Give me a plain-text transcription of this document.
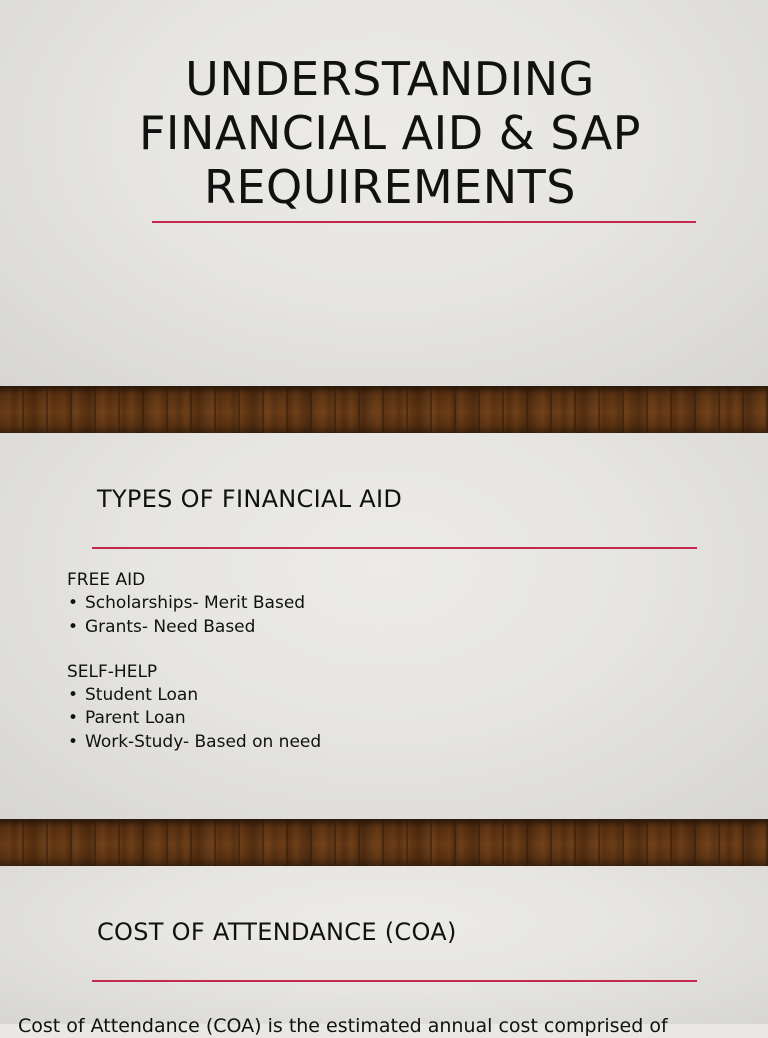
UNDERSTANDING
FINANCIAL AID & SAP
REQUIREMENTS
TYPES OF FINANCIAL AID
FREE AID
• Scholarships- Merit Based
• Grants- Need Based
SELF-HELP
• Student Loan
• Parent Loan
• Work-Study- Based on need
COST OF ATTENDANCE (COA)
Cost of Attendance (COA) is the estimated annual cost comprised of
